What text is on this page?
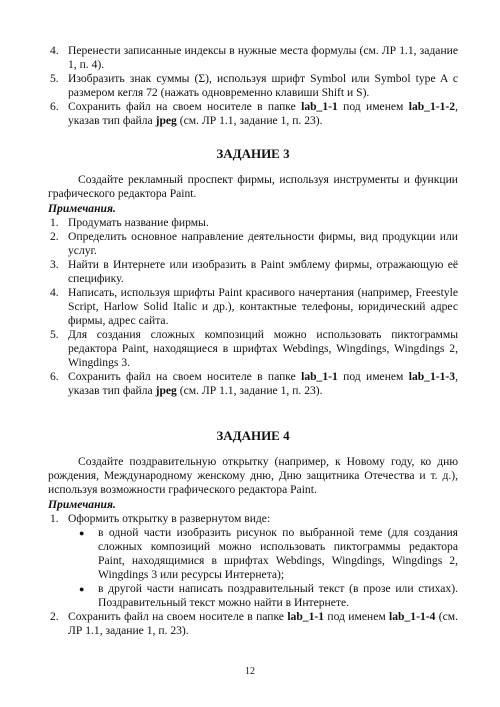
4. Перенести записанные индексы в нужные места формулы (см. ЛР 1.1, задание 1, п. 4).
5. Изобразить знак суммы (Σ), используя шрифт Symbol или Symbol type A с размером кегля 72 (нажать одновременно клавиши Shift и S).
6. Сохранить файл на своем носителе в папке lab_1-1 под именем lab_1-1-2, указав тип файла jpeg (см. ЛР 1.1, задание 1, п. 23).
ЗАДАНИЕ 3

Создайте рекламный проспект фирмы, используя инструменты и функции графического редактора Paint.

Примечания.

1. Продумать название фирмы.
2. Определить основное направление деятельности фирмы, вид продукции или услуг.
3. Найти в Интернете или изобразить в Paint эмблему фирмы, отражающую её специфику.
4. Написать, используя шрифты Paint красивого начертания (например, Freestyle Script, Harlow Solid Italic и др.), контактные телефоны, юридический адрес фирмы, адрес сайта.
5. Для создания сложных композиций можно использовать пиктограммы редактора Paint, находящиеся в шрифтах Webdings, Wingdings, Wingdings 2, Wingdings 3.
6. Сохранить файл на своем носителе в папке lab_1-1 под именем lab_1-1-3, указав тип файла jpeg (см. ЛР 1.1, задание 1, п. 23).
ЗАДАНИЕ 4

Создайте поздравительную открытку (например, к Новому году, ко дню рождения, Международному женскому дню, Дню защитника Отечества и т. д.), используя возможности графического редактора Paint.

Примечания.

1. Оформить открытку в развернутом виде:
● в одной части изобразить рисунок по выбранной теме (для создания сложных композиций можно использовать пиктограммы редактора Paint, находящимися в шрифтах Webdings, Wingdings, Wingdings 2, Wingdings 3 или ресурсы Интернета);
● в другой части написать поздравительный текст (в прозе или стихах). Поздравительный текст можно найти в Интернете.
2. Сохранить файл на своем носителе в папке lab_1-1 под именем lab_1-1-4 (см. ЛР 1.1, задание 1, п. 23).
12
